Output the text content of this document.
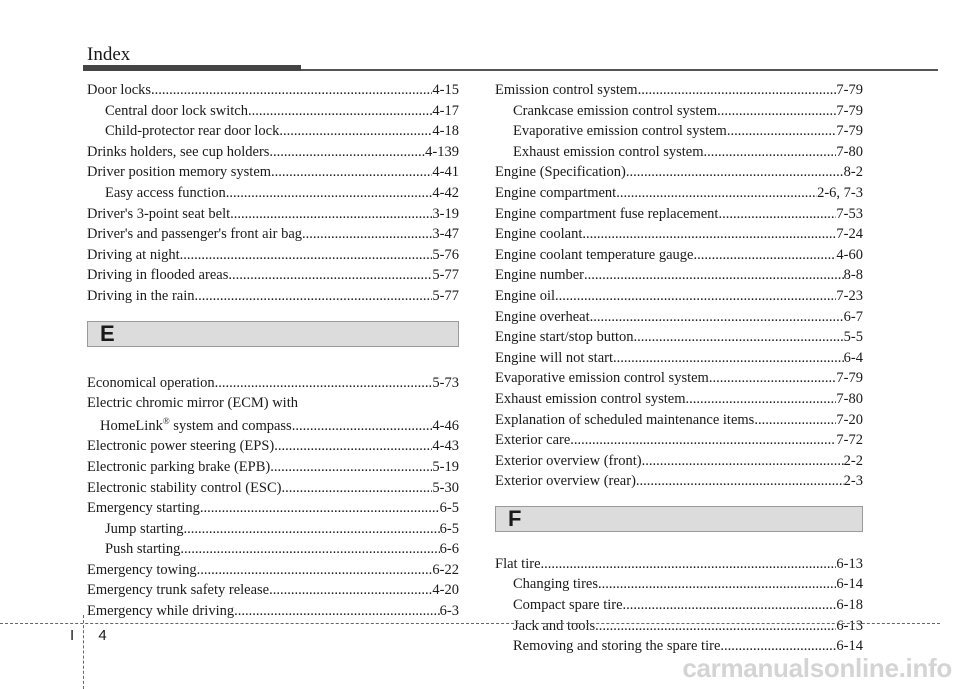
Index
Door locks .....	4-15
Central door lock switch .....	4-17
Child-protector rear door lock .....	4-18
Drinks holders, see cup holders .....	4-139
Driver position memory system .....	4-41
Easy access function .....	4-42
Driver's 3-point seat belt .....	3-19
Driver's and passenger's front air bag .....	3-47
Driving at night .....	5-76
Driving in flooded areas .....	5-77
Driving in the rain .....	5-77
E
Economical operation .....	5-73
Electric chromic mirror (ECM) with
HomeLink® system and compass .....	4-46
Electronic power steering (EPS) .....	4-43
Electronic parking brake (EPB) .....	5-19
Electronic stability control (ESC) .....	5-30
Emergency starting .....	6-5
Jump starting .....	6-5
Push starting .....	6-6
Emergency towing .....	6-22
Emergency trunk safety release .....	4-20
Emergency while driving .....	6-3
Emission control system .....	7-79
Crankcase emission control system .....	7-79
Evaporative emission control system .....	7-79
Exhaust emission control system .....	7-80
Engine (Specification) .....	8-2
Engine compartment .....	2-6, 7-3
Engine compartment fuse replacement .....	7-53
Engine coolant .....	7-24
Engine coolant temperature gauge .....	4-60
Engine number .....	8-8
Engine oil .....	7-23
Engine overheat .....	6-7
Engine start/stop button .....	5-5
Engine will not start .....	6-4
Evaporative emission control system .....	7-79
Exhaust emission control system .....	7-80
Explanation of scheduled maintenance items .....	7-20
Exterior care .....	7-72
Exterior overview (front) .....	2-2
Exterior overview (rear) .....	2-3
F
Flat tire .....	6-13
Changing tires .....	6-14
Compact spare tire .....	6-18
Jack and tools .....	6-13
Removing and storing the spare tire .....	6-14
I 4
carmanualsonline.info
